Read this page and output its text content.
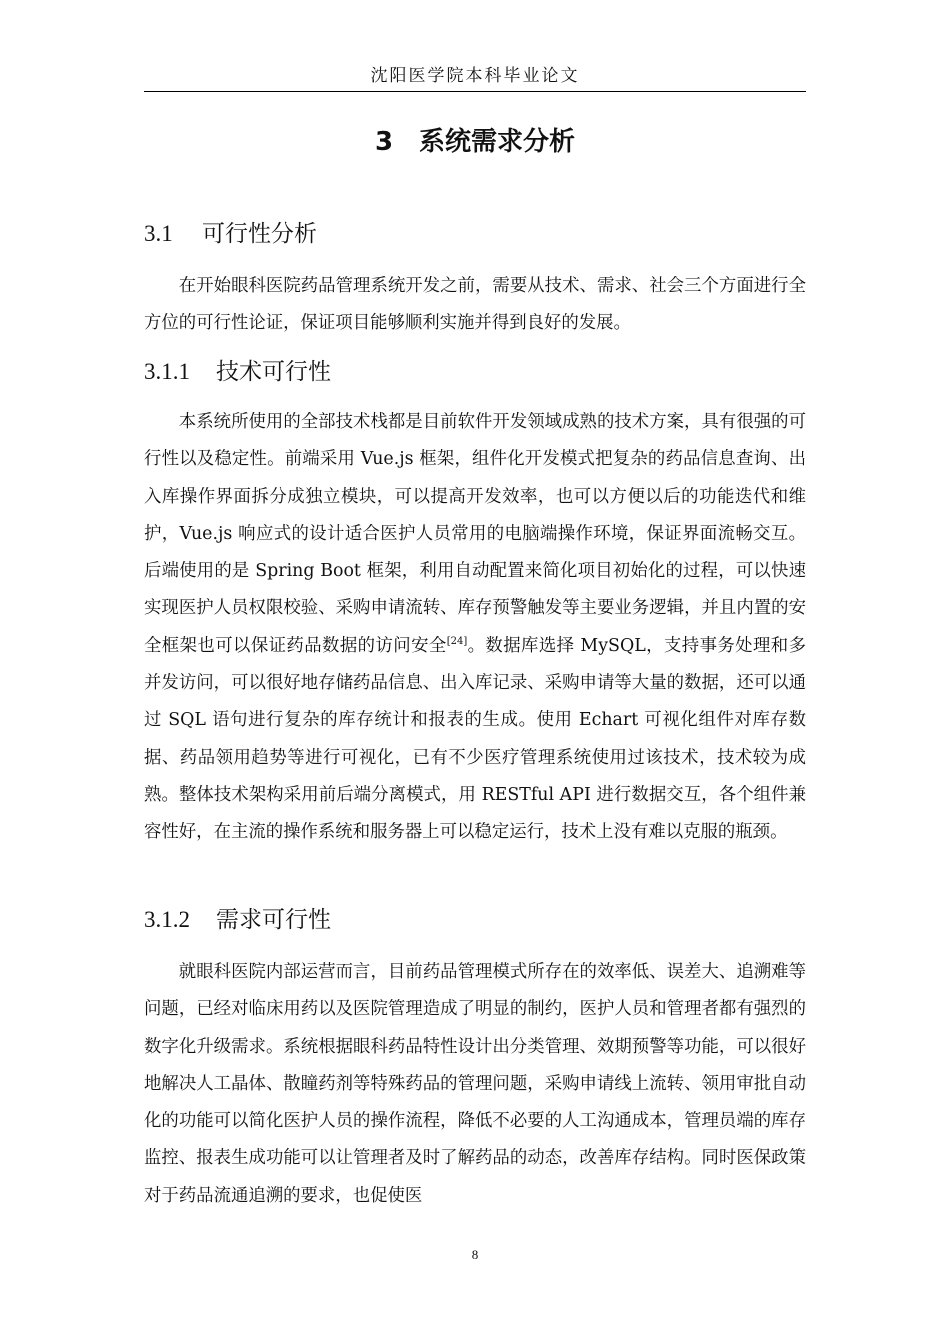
沈阳医学院本科毕业论文
3　系统需求分析
3.1 可行性分析

在开始眼科医院药品管理系统开发之前，需要从技术、需求、社会三个方面进行全方位的可行性论证，保证项目能够顺利实施并得到良好的发展。

3.1.1 技术可行性

本系统所使用的全部技术栈都是目前软件开发领域成熟的技术方案，具有很强的可行性以及稳定性。前端采用 Vue.js 框架，组件化开发模式把复杂的药品信息查询、出入库操作界面拆分成独立模块，可以提高开发效率，也可以方便以后的功能迭代和维护，Vue.js 响应式的设计适合医护人员常用的电脑端操作环境，保证界面流畅交互。后端使用的是 Spring Boot 框架，利用自动配置来简化项目初始化的过程，可以快速实现医护人员权限校验、采购申请流转、库存预警触发等主要业务逻辑，并且内置的安全框架也可以保证药品数据的访问安全[24]。数据库选择 MySQL，支持事务处理和多并发访问，可以很好地存储药品信息、出入库记录、采购申请等大量的数据，还可以通过 SQL 语句进行复杂的库存统计和报表的生成。使用 Echart 可视化组件对库存数据、药品领用趋势等进行可视化，已有不少医疗管理系统使用过该技术，技术较为成熟。整体技术架构采用前后端分离模式，用 RESTful API 进行数据交互，各个组件兼容性好，在主流的操作系统和服务器上可以稳定运行，技术上没有难以克服的瓶颈。

3.1.2 需求可行性

就眼科医院内部运营而言，目前药品管理模式所存在的效率低、误差大、追溯难等问题，已经对临床用药以及医院管理造成了明显的制约，医护人员和管理者都有强烈的数字化升级需求。系统根据眼科药品特性设计出分类管理、效期预警等功能，可以很好地解决人工晶体、散瞳药剂等特殊药品的管理问题，采购申请线上流转、领用审批自动化的功能可以简化医护人员的操作流程，降低不必要的人工沟通成本，管理员端的库存监控、报表生成功能可以让管理者及时了解药品的动态，改善库存结构。同时医保政策对于药品流通追溯的要求，也促使医

8
